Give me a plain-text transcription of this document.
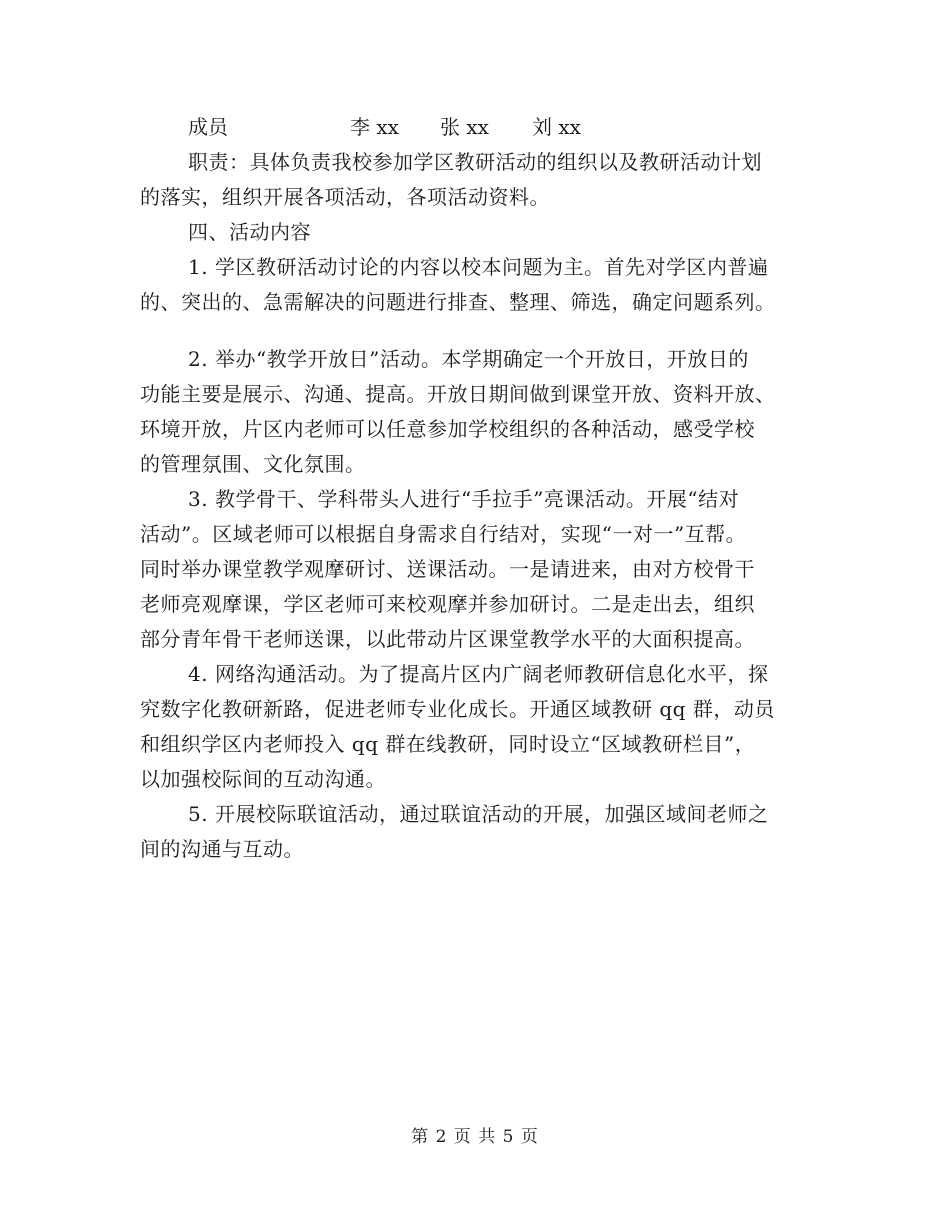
成员	李 xx 张 xx 刘 xx
职责：具体负责我校参加学区教研活动的组织以及教研活动计划
的落实，组织开展各项活动，各项活动资料。
四、活动内容
1. 学区教研活动讨论的内容以校本问题为主。首先对学区内普遍
的、突出的、急需解决的问题进行排查、整理、筛选，确定问题系列。
2. 举办“教学开放日”活动。本学期确定一个开放日，开放日的
功能主要是展示、沟通、提高。开放日期间做到课堂开放、资料开放、
环境开放，片区内老师可以任意参加学校组织的各种活动，感受学校
的管理氛围、文化氛围。
3. 教学骨干、学科带头人进行“手拉手”亮课活动。开展“结对
活动”。区域老师可以根据自身需求自行结对，实现“一对一”互帮。
同时举办课堂教学观摩研讨、送课活动。一是请进来，由对方校骨干
老师亮观摩课，学区老师可来校观摩并参加研讨。二是走出去，组织
部分青年骨干老师送课，以此带动片区课堂教学水平的大面积提高。
4. 网络沟通活动。为了提高片区内广阔老师教研信息化水平，探
究数字化教研新路，促进老师专业化成长。开通区域教研 qq 群，动员
和组织学区内老师投入 qq 群在线教研，同时设立“区域教研栏目”，
以加强校际间的互动沟通。
5. 开展校际联谊活动，通过联谊活动的开展，加强区域间老师之
间的沟通与互动。
第 2 页 共 5 页
